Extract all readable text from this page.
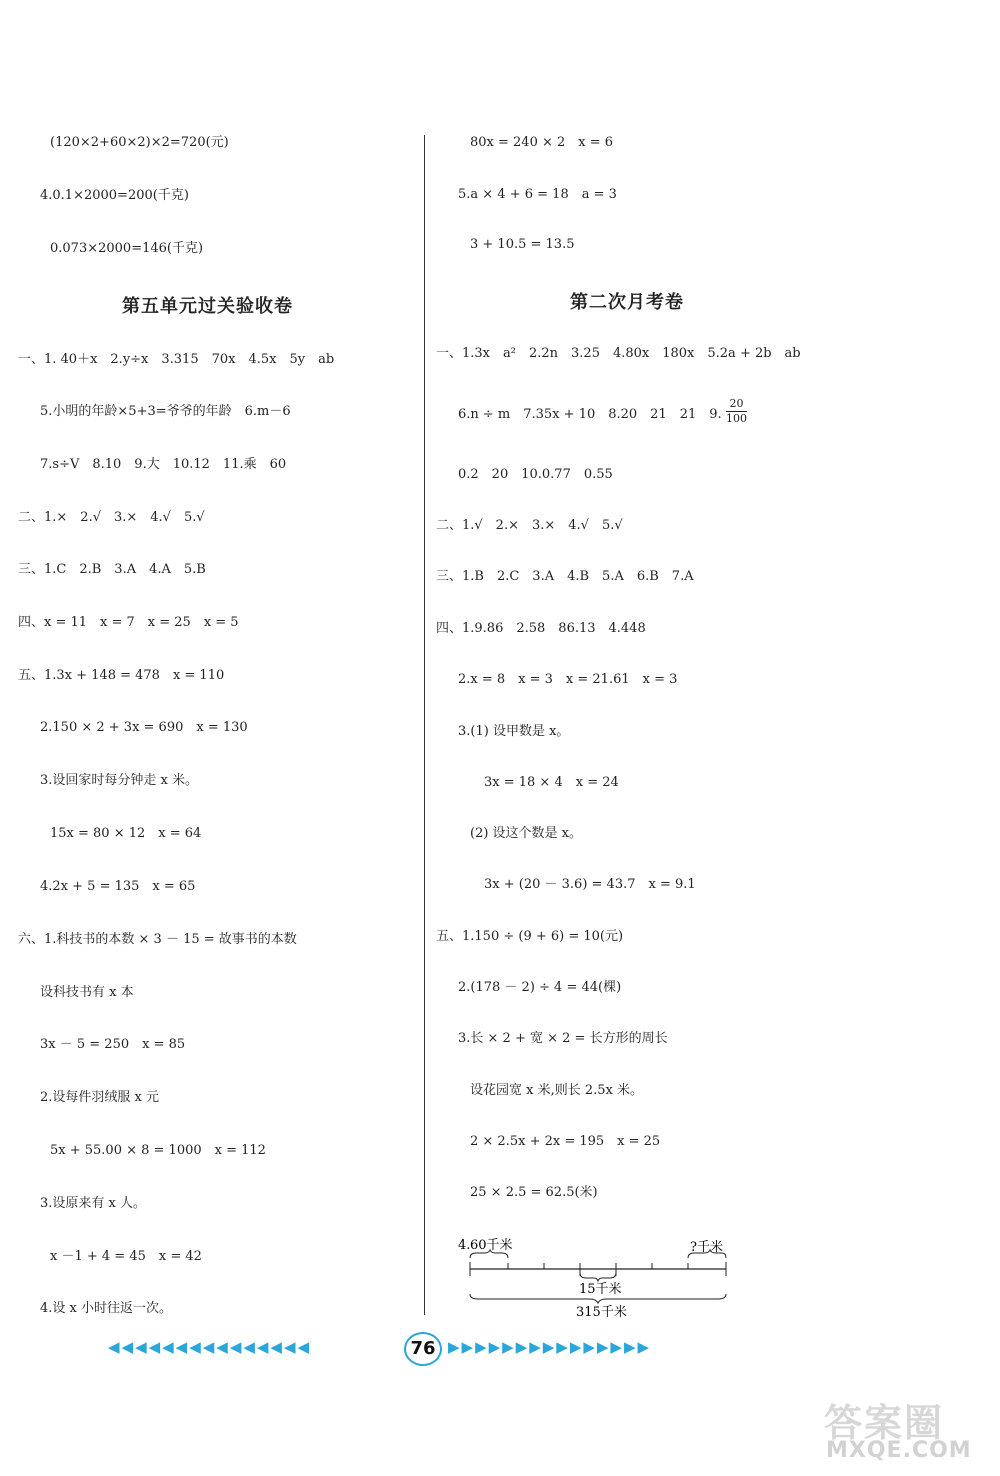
(120×2+60×2)×2=720(元)
4.0.1×2000=200(千克)
0.073×2000=146(千克)
第五单元过关验收卷
一、1. 40＋x　2.y÷x　3.315　70x　4.5x　5y　ab
5.小明的年龄×5+3=爷爷的年龄　6.m－6
7.s÷V　8.10　9.大　10.12　11.乘　60
二、1.×　2.√　3.×　4.√　5.√
三、1.C　2.B　3.A　4.A　5.B
四、x = 11　x = 7　x = 25　x = 5
五、1.3x + 148 = 478　x = 110
2.150 × 2 + 3x = 690　x = 130
3.设回家时每分钟走 x 米。
15x = 80 × 12　x = 64
4.2x + 5 = 135　x = 65
六、1.科技书的本数 × 3 － 15 = 故事书的本数
设科技书有 x 本
3x － 5 = 250　x = 85
2.设每件羽绒服 x 元
5x + 55.00 × 8 = 1000　x = 112
3.设原来有 x 人。
x －1 + 4 = 45　x = 42
4.设 x 小时往返一次。
80x = 240 × 2　x = 6
5.a × 4 + 6 = 18　a = 3
3 + 10.5 = 13.5
第二次月考卷
一、1.3x　a²　2.2n　3.25　4.80x　180x　5.2a + 2b　ab
6.n ÷ m　7.35x + 10　8.20　21　21　9. $\frac{20}{100}$
0.2　20　10.0.77　0.55
二、1.√　2.×　3.×　4.√　5.√
三、1.B　2.C　3.A　4.B　5.A　6.B　7.A
四、1.9.86　2.58　86.13　4.448
2.x = 8　x = 3　x = 21.61　x = 3
3.(1) 设甲数是 x。
3x = 18 × 4　x = 24
(2) 设这个数是 x。
3x + (20 － 3.6) = 43.7　x = 9.1
五、1.150 ÷ (9 + 6) = 10(元)
2.(178 － 2) ÷ 4 = 44(棵)
3.长 × 2 + 宽 × 2 = 长方形的周长
设花园宽 x 米,则长 2.5x 米。
2 × 2.5x + 2x = 195　x = 25
25 × 2.5 = 62.5(米)
4. 60千米	?千米
15千米
315千米
◀◀◀◀◀◀◀◀◀◀◀◀◀◀◀	76 ▶▶▶▶▶▶▶▶▶▶▶▶▶▶▶
答案圈
MXQE.COM
